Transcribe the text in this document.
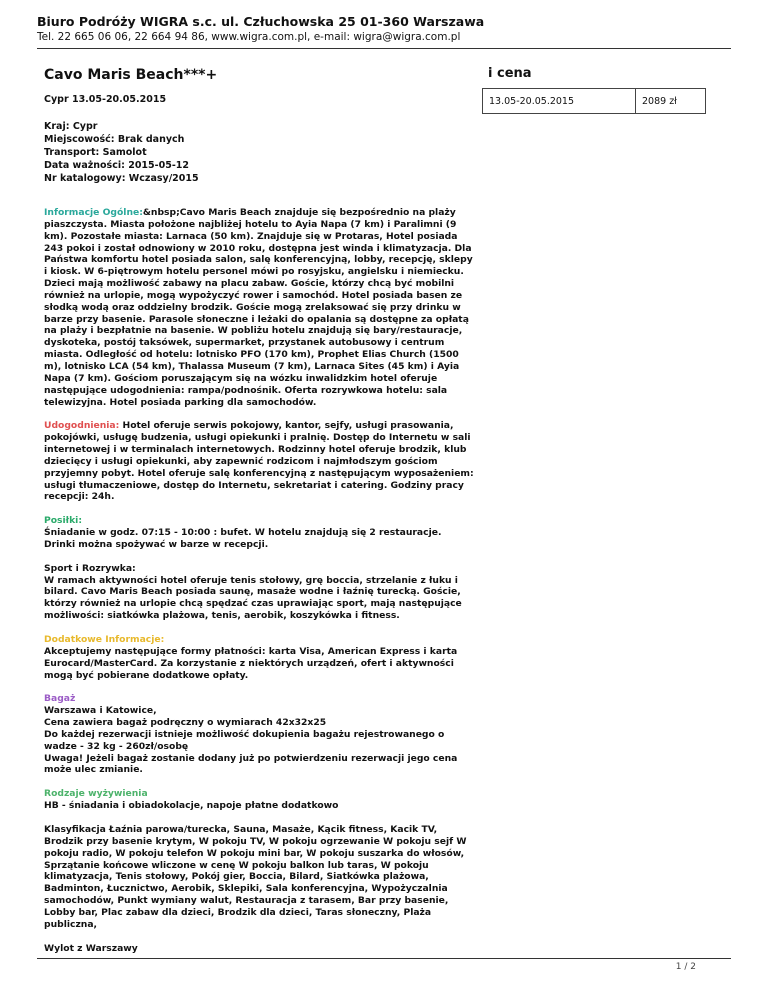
Biuro Podróży WIGRA s.c. ul. Człuchowska 25 01-360 Warszawa
Tel. 22 665 06 06, 22 664 94 86, www.wigra.com.pl, e-mail: wigra@wigra.com.pl
Cavo Maris Beach***+
Cypr 13.05-20.05.2015
Kraj: Cypr
Miejscowość: Brak danych
Transport: Samolot
Data ważności: 2015-05-12
Nr katalogowy: Wczasy/2015

Informacje Ogólne:&nbsp;Cavo Maris Beach znajduje się bezpośrednio na plaży piaszczysta. Miasta położone najbliżej hotelu to Ayia Napa (7 km) i Paralimni (9 km). Pozostałe miasta: Larnaca (50 km). Znajduje się w Protaras, Hotel posiada 243 pokoi i został odnowiony w 2010 roku, dostępna jest winda i klimatyzacja. Dla Państwa komfortu hotel posiada salon, salę konferencyjną, lobby, recepcję, sklepy i kiosk. W 6-piętrowym hotelu personel mówi po rosyjsku, angielsku i niemiecku. Dzieci mają możliwość zabawy na placu zabaw. Goście, którzy chcą być mobilni również na urlopie, mogą wypożyczyć rower i samochód. Hotel posiada basen ze słodką wodą oraz oddzielny brodzik. Goście mogą zrelaksować się przy drinku w barze przy basenie. Parasole słoneczne i leżaki do opalania są dostępne za opłatą na plaży i bezpłatnie na basenie. W pobliżu hotelu znajdują się bary/restauracje, dyskoteka, postój taksówek, supermarket, przystanek autobusowy i centrum miasta. Odległość od hotelu: lotnisko PFO (170 km), Prophet Elias Church (1500 m), lotnisko LCA (54 km), Thalassa Museum (7 km), Larnaca Sites (45 km) i Ayia Napa (7 km). Gościom poruszającym się na wózku inwalidzkim hotel oferuje następujące udogodnienia: rampa/podnośnik. Oferta rozrywkowa hotelu: sala telewizyjna. Hotel posiada parking dla samochodów.

Udogodnienia: Hotel oferuje serwis pokojowy, kantor, sejfy, usługi prasowania, pokojówki, usługę budzenia, usługi opiekunki i pralnię. Dostęp do Internetu w sali internetowej i w terminalach internetowych. Rodzinny hotel oferuje brodzik, klub dziecięcy i usługi opiekunki, aby zapewnić rodzicom i najmłodszym gościom przyjemny pobyt. Hotel oferuje salę konferencyjną z następującym wyposażeniem: usługi tłumaczeniowe, dostęp do Internetu, sekretariat i catering. Godziny pracy recepcji: 24h.

Posiłki:
Śniadanie w godz. 07:15 - 10:00 : bufet. W hotelu znajdują się 2 restauracje. Drinki można spożywać w barze w recepcji.
Sport i Rozrywka:
W ramach aktywności hotel oferuje tenis stołowy, grę boccia, strzelanie z łuku i bilard. Cavo Maris Beach posiada saunę, masaże wodne i łaźnię turecką. Goście, którzy również na urlopie chcą spędzać czas uprawiając sport, mają następujące możliwości: siatkówka plażowa, tenis, aerobik, koszykówka i fitness.
Dodatkowe Informacje:
Akceptujemy następujące formy płatności: karta Visa, American Express i karta Eurocard/MasterCard. Za korzystanie z niektórych urządzeń, ofert i aktywności mogą być pobierane dodatkowe opłaty.
Bagaż
Warszawa i Katowice,
Cena zawiera bagaż podręczny o wymiarach 42x32x25
Do każdej rezerwacji istnieje możliwość dokupienia bagażu rejestrowanego o wadze - 32 kg - 260zł/osobę
Uwaga! Jeżeli bagaż zostanie dodany już po potwierdzeniu rezerwacji jego cena może ulec zmianie.
Rodzaje wyżywienia
HB - śniadania i obiadokolacje, napoje płatne dodatkowo

Klasyfikacja Łaźnia parowa/turecka, Sauna, Masaże, Kącik fitness, Kacik TV, Brodzik przy basenie krytym, W pokoju TV, W pokoju ogrzewanie W pokoju sejf W pokoju radio, W pokoju telefon W pokoju mini bar, W pokoju suszarka do włosów, Sprzątanie końcowe wliczone w cenę W pokoju balkon lub taras, W pokoju klimatyzacja, Tenis stołowy, Pokój gier, Boccia, Bilard, Siatkówka plażowa, Badminton, Łucznictwo, Aerobik, Sklepiki, Sala konferencyjna, Wypożyczalnia samochodów, Punkt wymiany walut, Restauracja z tarasem, Bar przy basenie, Lobby bar, Plac zabaw dla dzieci, Brodzik dla dzieci, Taras słoneczny, Plaża publiczna,

Wylot z Warszawy

i cena
13.05-20.05.2015	2089 zł
1 / 2
